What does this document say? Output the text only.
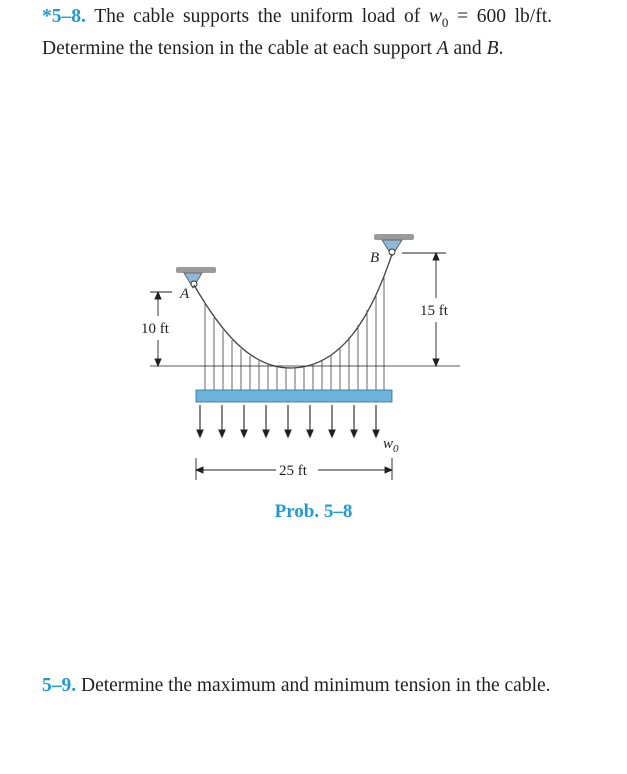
*5–8. The cable supports the uniform load of $w_0 = 600$ lb/ft. Determine the tension in the cable at each support A and B.

A
B
10 ft
15 ft
25 ft
$w_0$
Prob. 5–8

5–9. Determine the maximum and minimum tension in the cable.
